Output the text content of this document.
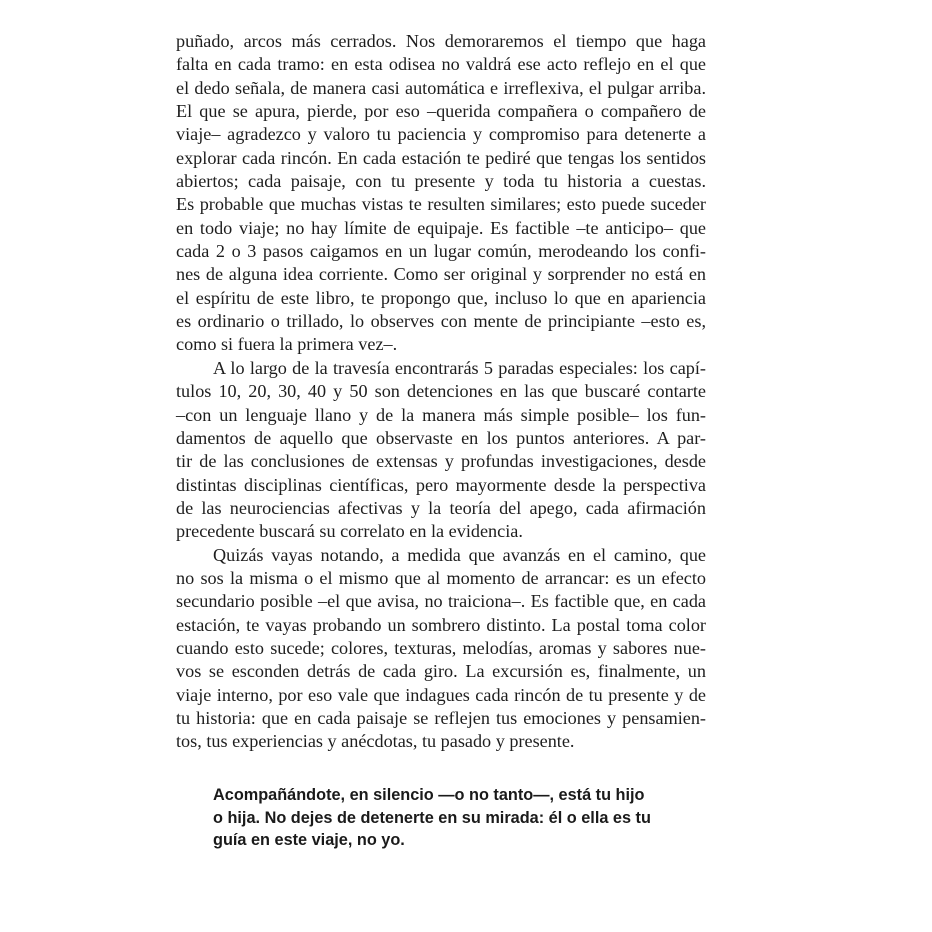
puñado, arcos más cerrados. Nos demoraremos el tiempo que haga
falta en cada tramo: en esta odisea no valdrá ese acto reflejo en el que
el dedo señala, de manera casi automática e irreflexiva, el pulgar arriba.
El que se apura, pierde, por eso –querida compañera o compañero de
viaje– agradezco y valoro tu paciencia y compromiso para detenerte a
explorar cada rincón. En cada estación te pediré que tengas los sentidos
abiertos; cada paisaje, con tu presente y toda tu historia a cuestas.
Es probable que muchas vistas te resulten similares; esto puede suceder
en todo viaje; no hay límite de equipaje. Es factible –te anticipo– que
cada 2 o 3 pasos caigamos en un lugar común, merodeando los confi-
nes de alguna idea corriente. Como ser original y sorprender no está en
el espíritu de este libro, te propongo que, incluso lo que en apariencia
es ordinario o trillado, lo observes con mente de principiante –esto es,
como si fuera la primera vez–.
A lo largo de la travesía encontrarás 5 paradas especiales: los capí-
tulos 10, 20, 30, 40 y 50 son detenciones en las que buscaré contarte
–con un lenguaje llano y de la manera más simple posible– los fun-
damentos de aquello que observaste en los puntos anteriores. A par-
tir de las conclusiones de extensas y profundas investigaciones, desde
distintas disciplinas científicas, pero mayormente desde la perspectiva
de las neurociencias afectivas y la teoría del apego, cada afirmación
precedente buscará su correlato en la evidencia.
Quizás vayas notando, a medida que avanzás en el camino, que
no sos la misma o el mismo que al momento de arrancar: es un efecto
secundario posible –el que avisa, no traiciona–. Es factible que, en cada
estación, te vayas probando un sombrero distinto. La postal toma color
cuando esto sucede; colores, texturas, melodías, aromas y sabores nue-
vos se esconden detrás de cada giro. La excursión es, finalmente, un
viaje interno, por eso vale que indagues cada rincón de tu presente y de
tu historia: que en cada paisaje se reflejen tus emociones y pensamien-
tos, tus experiencias y anécdotas, tu pasado y presente.
Acompañándote, en silencio —o no tanto—, está tu hijo
o hija. No dejes de detenerte en su mirada: él o ella es tu
guía en este viaje, no yo.
